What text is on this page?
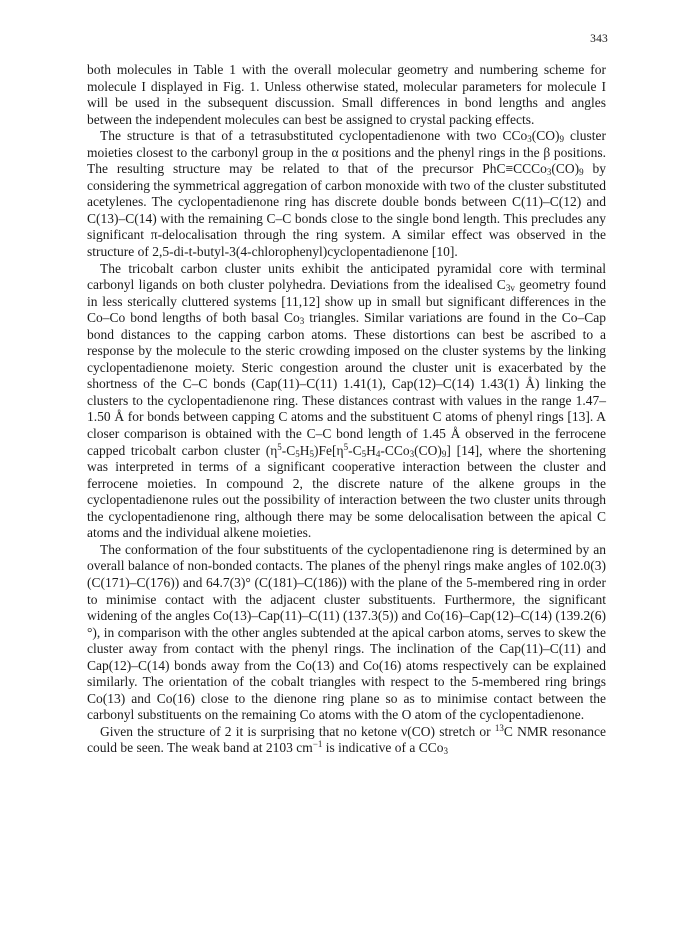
343

both molecules in Table 1 with the overall molecular geometry and numbering scheme for molecule I displayed in Fig. 1. Unless otherwise stated, molecular parameters for molecule I will be used in the subsequent discussion. Small differences in bond lengths and angles between the independent molecules can best be assigned to crystal packing effects.

The structure is that of a tetrasubstituted cyclopentadienone with two $CCo_3(CO)_9$ cluster moieties closest to the carbonyl group in the α positions and the phenyl rings in the β positions. The resulting structure may be related to that of the precursor $PhC\equiv CCCo_3(CO)_9$ by considering the symmetrical aggregation of carbon monoxide with two of the cluster substituted acetylenes. The cyclopentadienone ring has discrete double bonds between C(11)–C(12) and C(13)–C(14) with the remaining C–C bonds close to the single bond length. This precludes any significant π-delocalisation through the ring system. A similar effect was observed in the structure of 2,5-di-t-butyl-3(4-chlorophenyl)cyclopentadienone [10].

The tricobalt carbon cluster units exhibit the anticipated pyramidal core with terminal carbonyl ligands on both cluster polyhedra. Deviations from the idealised $C_{3v}$ geometry found in less sterically cluttered systems [11,12] show up in small but significant differences in the Co–Co bond lengths of both basal $Co_3$ triangles. Similar variations are found in the Co–Cap bond distances to the capping carbon atoms. These distortions can best be ascribed to a response by the molecule to the steric crowding imposed on the cluster systems by the linking cyclopentadienone moiety. Steric congestion around the cluster unit is exacerbated by the shortness of the C–C bonds (Cap(11)–C(11) 1.41(1), Cap(12)–C(14) 1.43(1) Å) linking the clusters to the cyclopentadienone ring. These distances contrast with values in the range 1.47–1.50 Å for bonds between capping C atoms and the substituent C atoms of phenyl rings [13]. A closer comparison is obtained with the C–C bond length of 1.45 Å observed in the ferrocene capped tricobalt carbon cluster $(\eta^5-C_5H_5)Fe[\eta^5-C_5H_4-CCo_3(CO)_9]$ [14], where the shortening was interpreted in terms of a significant cooperative interaction between the cluster and ferrocene moieties. In compound 2, the discrete nature of the alkene groups in the cyclopentadienone rules out the possibility of interaction between the two cluster units through the cyclopentadienone ring, although there may be some delocalisation between the apical C atoms and the individual alkene moieties.

The conformation of the four substituents of the cyclopentadienone ring is determined by an overall balance of non-bonded contacts. The planes of the phenyl rings make angles of 102.0(3) (C(171)–C(176)) and 64.7(3)° (C(181)–C(186)) with the plane of the 5-membered ring in order to minimise contact with the adjacent cluster substituents. Furthermore, the significant widening of the angles Co(13)–Cap(11)–C(11) (137.3(5)) and Co(16)–Cap(12)–C(14) (139.2(6)°), in comparison with the other angles subtended at the apical carbon atoms, serves to skew the cluster away from contact with the phenyl rings. The inclination of the Cap(11)–C(11) and Cap(12)–C(14) bonds away from the Co(13) and Co(16) atoms respectively can be explained similarly. The orientation of the cobalt triangles with respect to the 5-membered ring brings Co(13) and Co(16) close to the dienone ring plane so as to minimise contact between the carbonyl substituents on the remaining Co atoms with the O atom of the cyclopentadienone.

Given the structure of 2 it is surprising that no ketone ν(CO) stretch or $^{13}$C NMR resonance could be seen. The weak band at 2103 $cm^{-1}$ is indicative of a CCo$_3$
